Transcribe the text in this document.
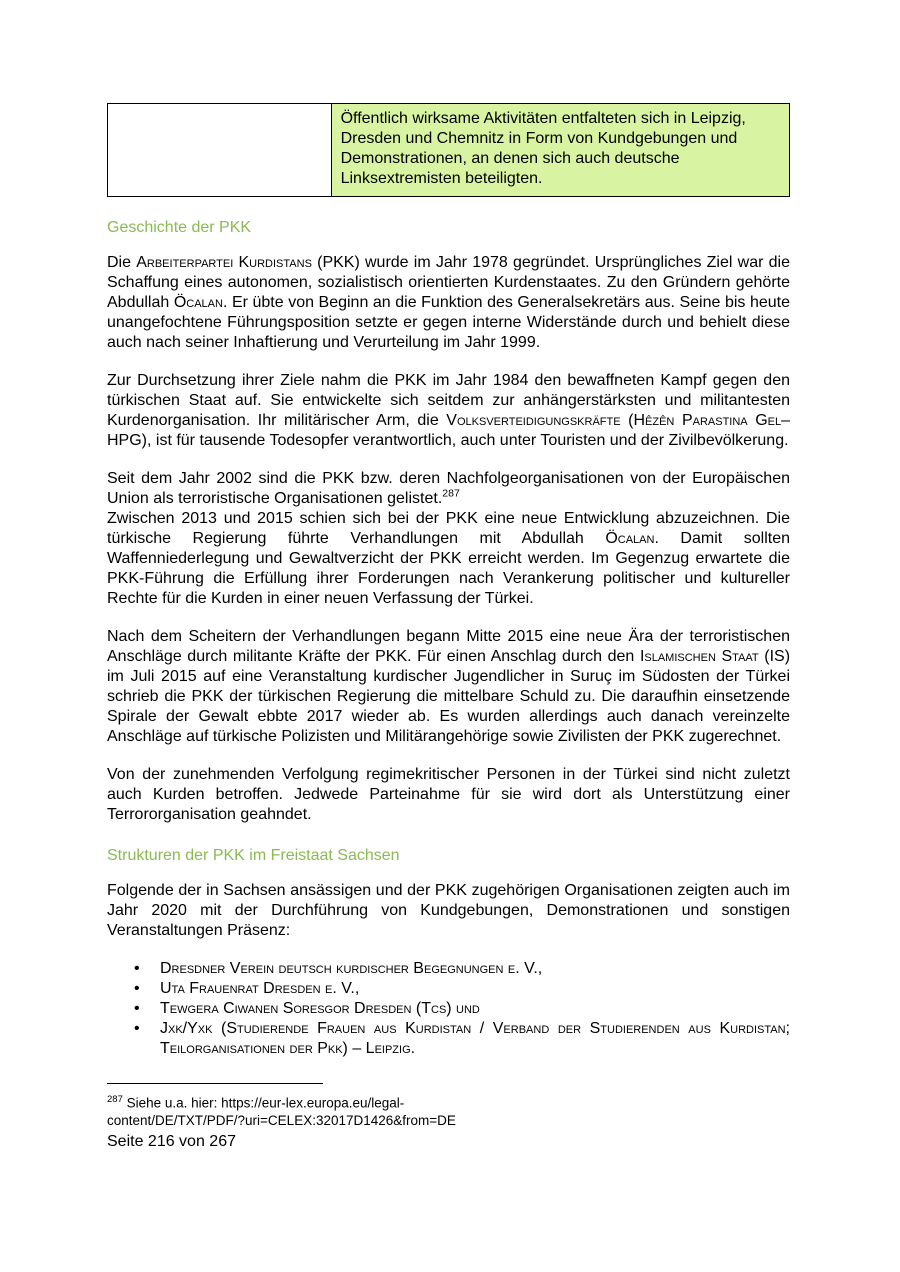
	Öffentlich wirksame Aktivitäten entfalteten sich in Leipzig, Dresden und Chemnitz in Form von Kundgebungen und Demonstrationen, an denen sich auch deutsche Linksextremisten beteiligten.
Geschichte der PKK

Die Arbeiterpartei Kurdistans (PKK) wurde im Jahr 1978 gegründet. Ursprüngliches Ziel war die Schaffung eines autonomen, sozialistisch orientierten Kurdenstaates. Zu den Gründern gehörte Abdullah Öcalan. Er übte von Beginn an die Funktion des Generalsekretärs aus. Seine bis heute unangefochtene Führungsposition setzte er gegen interne Widerstände durch und behielt diese auch nach seiner Inhaftierung und Verurteilung im Jahr 1999.

Zur Durchsetzung ihrer Ziele nahm die PKK im Jahr 1984 den bewaffneten Kampf gegen den türkischen Staat auf. Sie entwickelte sich seitdem zur anhängerstärksten und militantesten Kurdenorganisation. Ihr militärischer Arm, die Volksverteidigungskräfte (Hêzên Parastina Gel–HPG), ist für tausende Todesopfer verantwortlich, auch unter Touristen und der Zivilbevölkerung.

Seit dem Jahr 2002 sind die PKK bzw. deren Nachfolgeorganisationen von der Europäischen Union als terroristische Organisationen gelistet.$^{287}$

Zwischen 2013 und 2015 schien sich bei der PKK eine neue Entwicklung abzuzeichnen. Die türkische Regierung führte Verhandlungen mit Abdullah Öcalan. Damit sollten Waffenniederlegung und Gewaltverzicht der PKK erreicht werden. Im Gegenzug erwartete die PKK-Führung die Erfüllung ihrer Forderungen nach Verankerung politischer und kultureller Rechte für die Kurden in einer neuen Verfassung der Türkei.

Nach dem Scheitern der Verhandlungen begann Mitte 2015 eine neue Ära der terroristischen Anschläge durch militante Kräfte der PKK. Für einen Anschlag durch den Islamischen Staat (IS) im Juli 2015 auf eine Veranstaltung kurdischer Jugendlicher in Suruç im Südosten der Türkei schrieb die PKK der türkischen Regierung die mittelbare Schuld zu. Die daraufhin einsetzende Spirale der Gewalt ebbte 2017 wieder ab. Es wurden allerdings auch danach vereinzelte Anschläge auf türkische Polizisten und Militärangehörige sowie Zivilisten der PKK zugerechnet.

Von der zunehmenden Verfolgung regimekritischer Personen in der Türkei sind nicht zuletzt auch Kurden betroffen. Jedwede Parteinahme für sie wird dort als Unterstützung einer Terrororganisation geahndet.

Strukturen der PKK im Freistaat Sachsen

Folgende der in Sachsen ansässigen und der PKK zugehörigen Organisationen zeigten auch im Jahr 2020 mit der Durchführung von Kundgebungen, Demonstrationen und sonstigen Veranstaltungen Präsenz:

• Dresdner Verein deutsch kurdischer Begegnungen e. V.,
• Uta Frauenrat Dresden e. V.,
• Tewgera Ciwanen Soresgor Dresden (Tcs) und
• Jxk/Yxk (Studierende Frauen aus Kurdistan / Verband der Studierenden aus Kurdistan; Teilorganisationen der Pkk) – Leipzig.
$^{287}$ Siehe u.a. hier: https://eur-lex.europa.eu/legal-
content/DE/TXT/PDF/?uri=CELEX:32017D1426&from=DE
Seite 216 von 267
